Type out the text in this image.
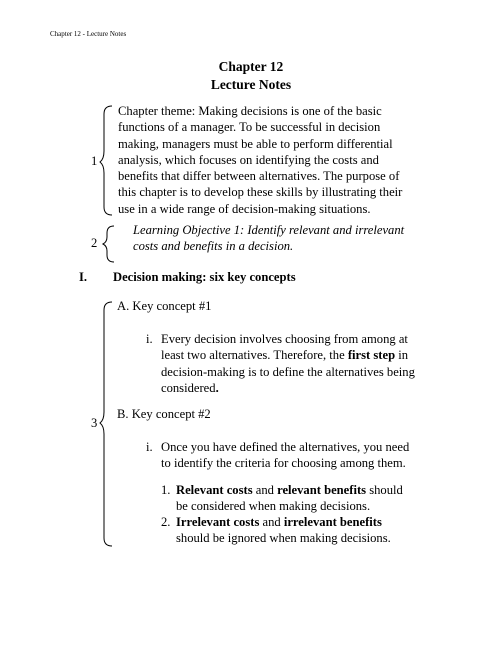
Chapter 12 - Lecture Notes
Chapter 12
Lecture Notes
1
Chapter theme: Making decisions is one of the basic
functions of a manager. To be successful in decision
making, managers must be able to perform differential
analysis, which focuses on identifying the costs and
benefits that differ between alternatives. The purpose of
this chapter is to develop these skills by illustrating their
use in a wide range of decision-making situations.
2
Learning Objective 1: Identify relevant and irrelevant
costs and benefits in a decision.
I. Decision making: six key concepts
3
A. Key concept #1
i. Every decision involves choosing from among at
least two alternatives. Therefore, the first step in
decision-making is to define the alternatives being
considered.
B. Key concept #2
i. Once you have defined the alternatives, you need
to identify the criteria for choosing among them.
1. Relevant costs and relevant benefits should
be considered when making decisions.
2. Irrelevant costs and irrelevant benefits
should be ignored when making decisions.
